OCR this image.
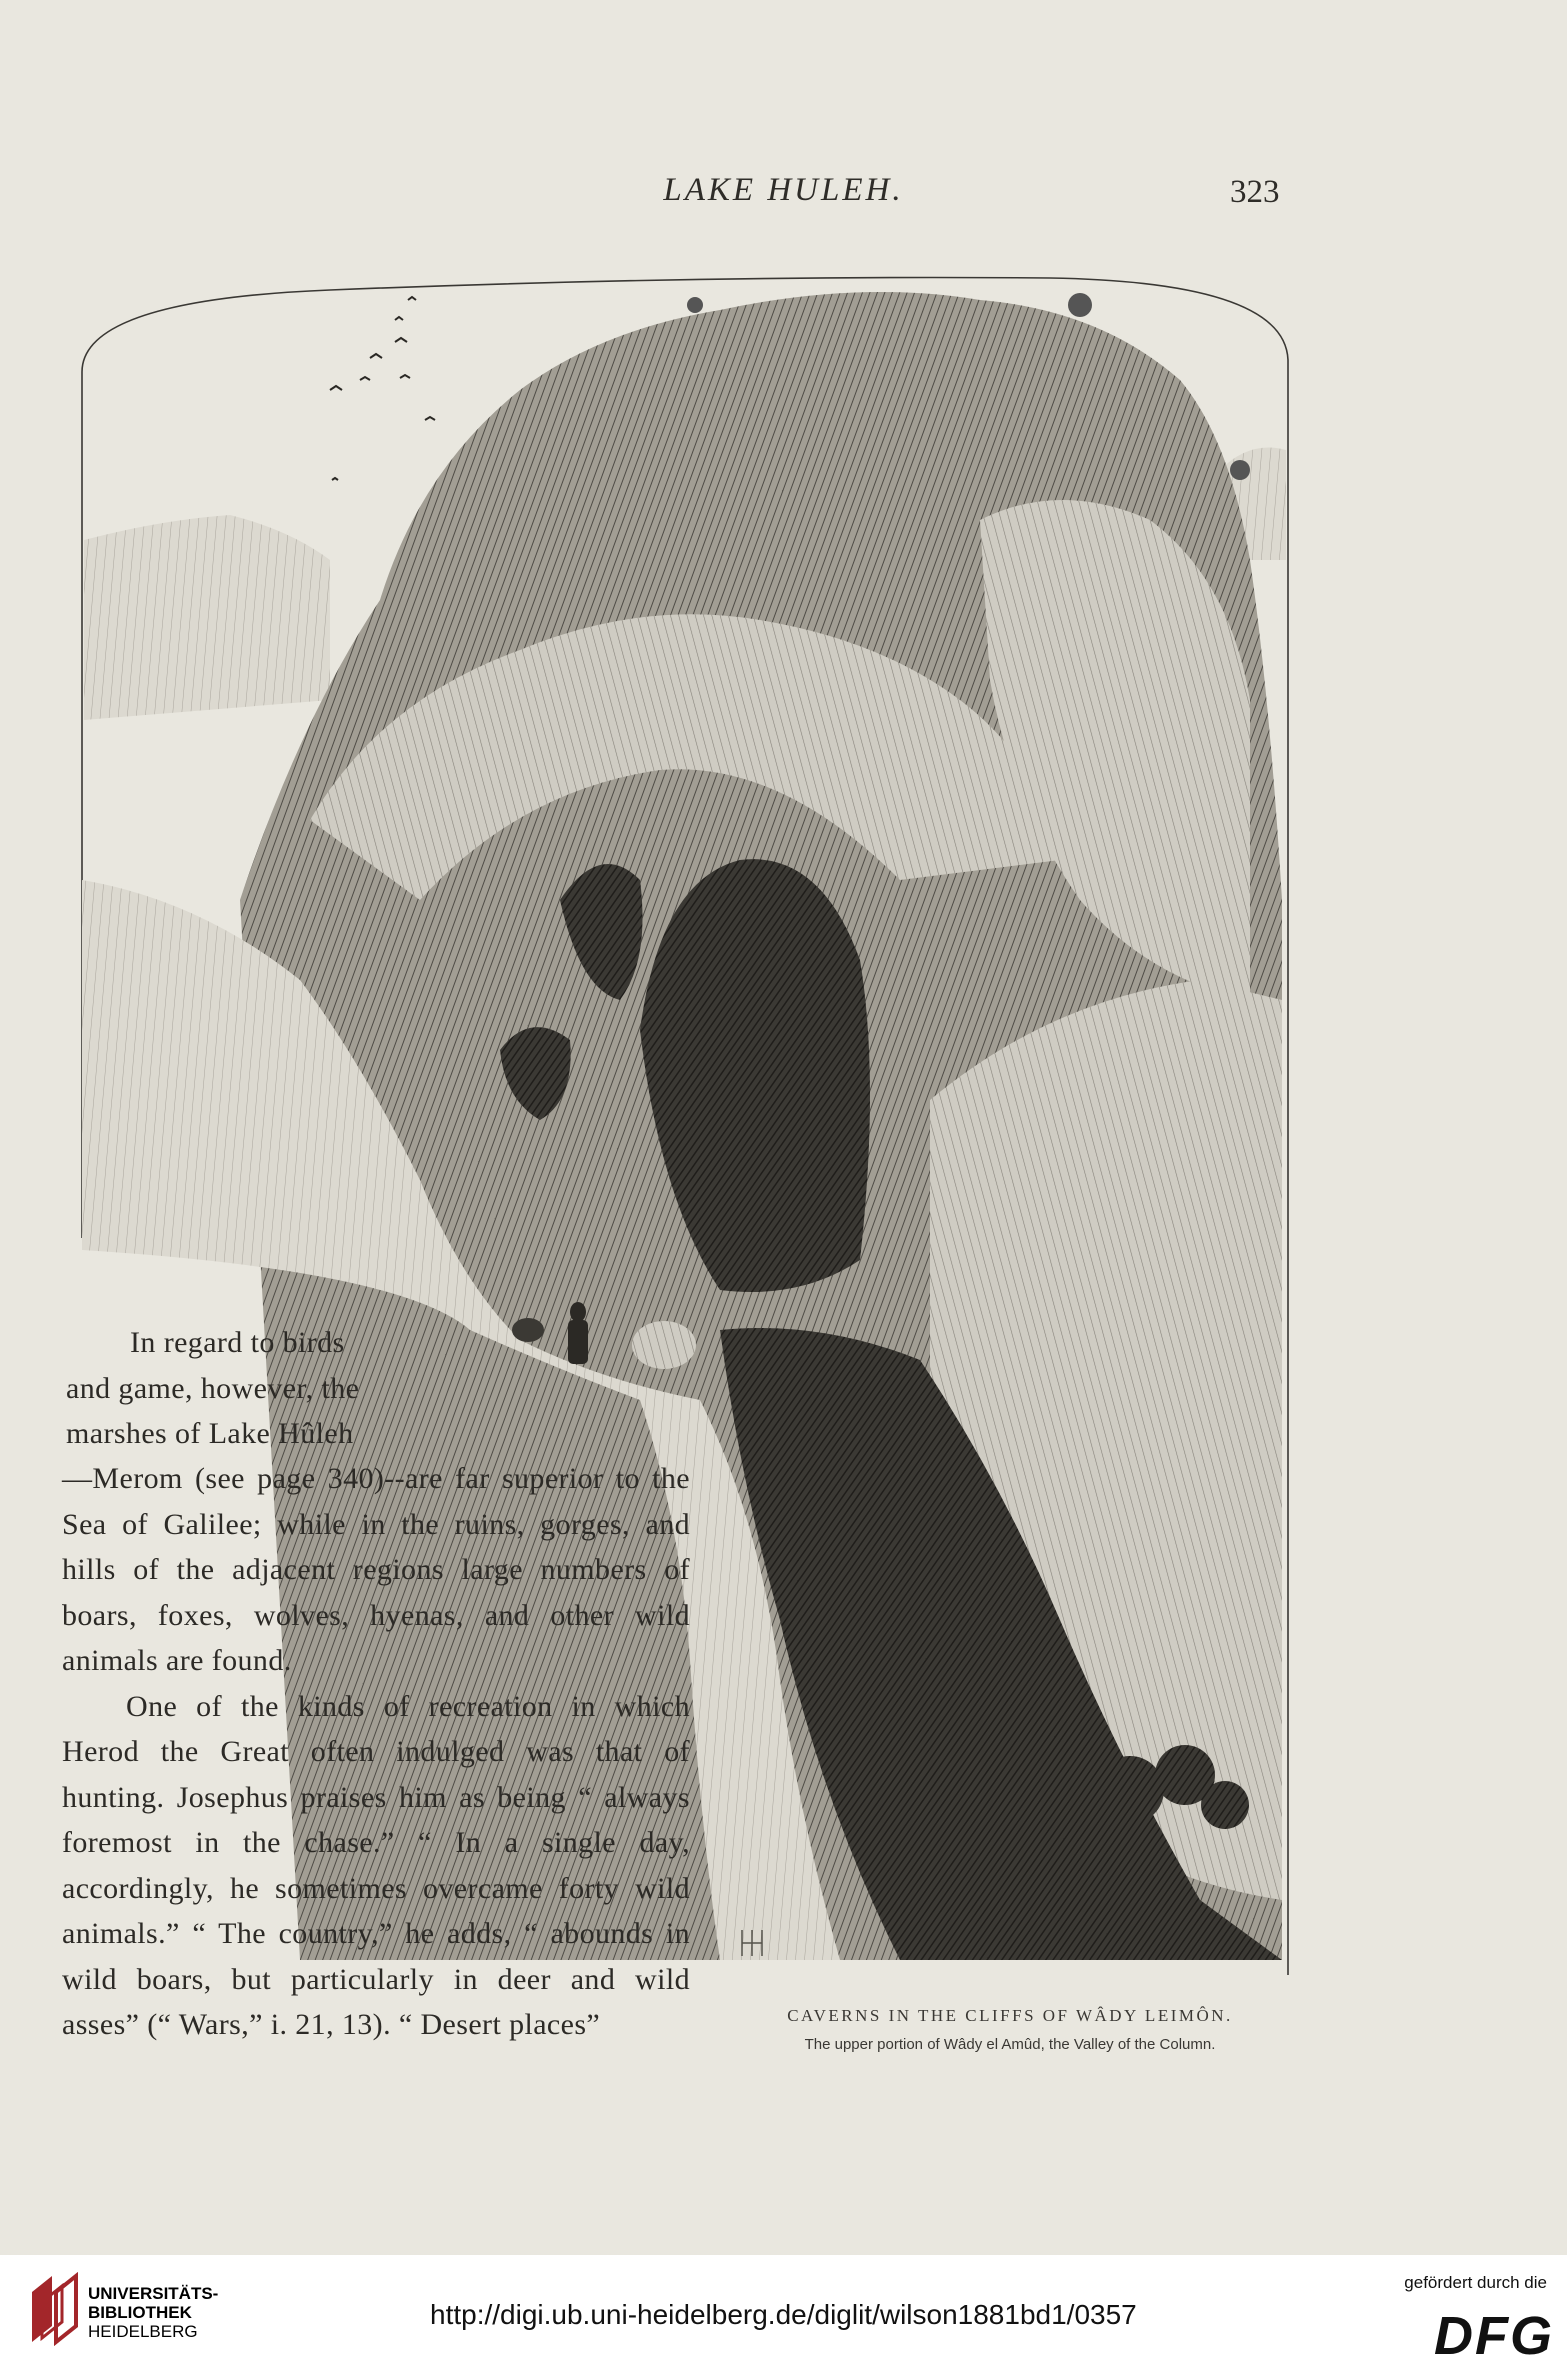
LAKE HULEH.	323

In regard to birds

and game, however, the

marshes of Lake Hûleh

—Merom (see page 340)--are far superior to the Sea of Galilee; while in the ruins, gorges, and hills of the adjacent regions large numbers of boars, foxes, wolves, hyenas, and other wild animals are found.

One of the kinds of recreation in which Herod the Great often indulged was that of hunting. Josephus praises him as being “ always foremost in the chase.” “ In a single day, accordingly, he sometimes overcame forty wild animals.” “ The country,” he adds, “ abounds in wild boars, but particularly in deer and wild asses” (“ Wars,” i. 21, 13). “ Desert places”	CAVERNS IN THE CLIFFS OF WÂDY LEIMÔN.
The upper portion of Wâdy el Amûd, the Valley of the Column.
UNIVERSITÄTS-
BIBLIOTHEK
HEIDELBERG
http://digi.ub.uni-heidelberg.de/diglit/wilson1881bd1/0357
gefördert durch die
DFG
